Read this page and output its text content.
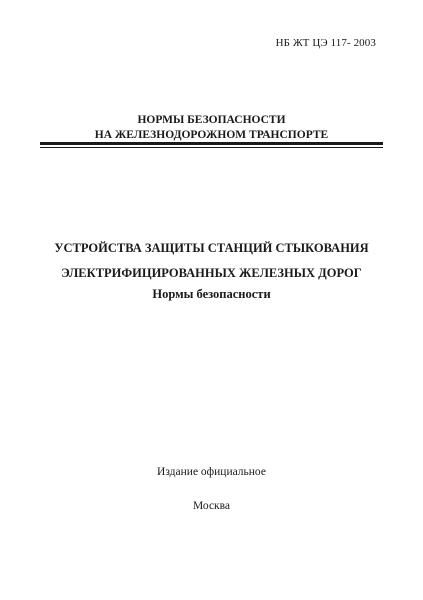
НБ ЖТ ЦЭ 117- 2003
НОРМЫ БЕЗОПАСНОСТИ
НА ЖЕЛЕЗНОДОРОЖНОМ ТРАНСПОРТЕ
УСТРОЙСТВА ЗАЩИТЫ СТАНЦИЙ СТЫКОВАНИЯ
ЭЛЕКТРИФИЦИРОВАННЫХ ЖЕЛЕЗНЫХ ДОРОГ
Нормы безопасности
Издание официальное
Москва
